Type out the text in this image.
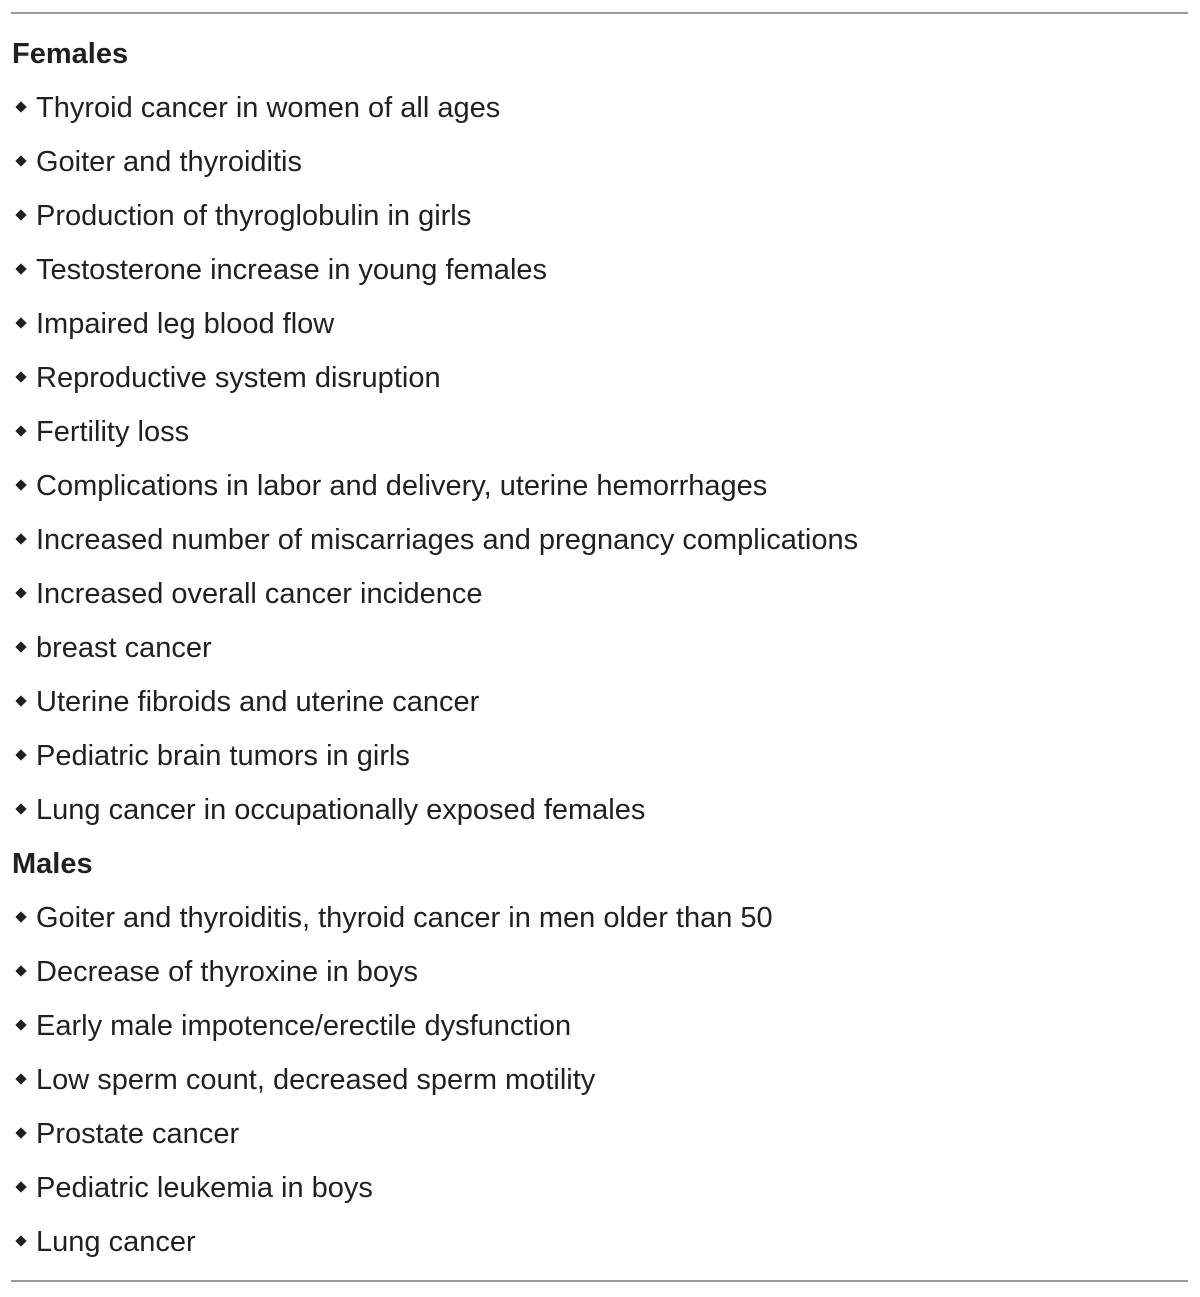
Females
Thyroid cancer in women of all ages
Goiter and thyroiditis
Production of thyroglobulin in girls
Testosterone increase in young females
Impaired leg blood flow
Reproductive system disruption
Fertility loss
Complications in labor and delivery, uterine hemorrhages
Increased number of miscarriages and pregnancy complications
Increased overall cancer incidence
breast cancer
Uterine fibroids and uterine cancer
Pediatric brain tumors in girls
Lung cancer in occupationally exposed females
Males
Goiter and thyroiditis, thyroid cancer in men older than 50
Decrease of thyroxine in boys
Early male impotence/erectile dysfunction
Low sperm count, decreased sperm motility
Prostate cancer
Pediatric leukemia in boys
Lung cancer
